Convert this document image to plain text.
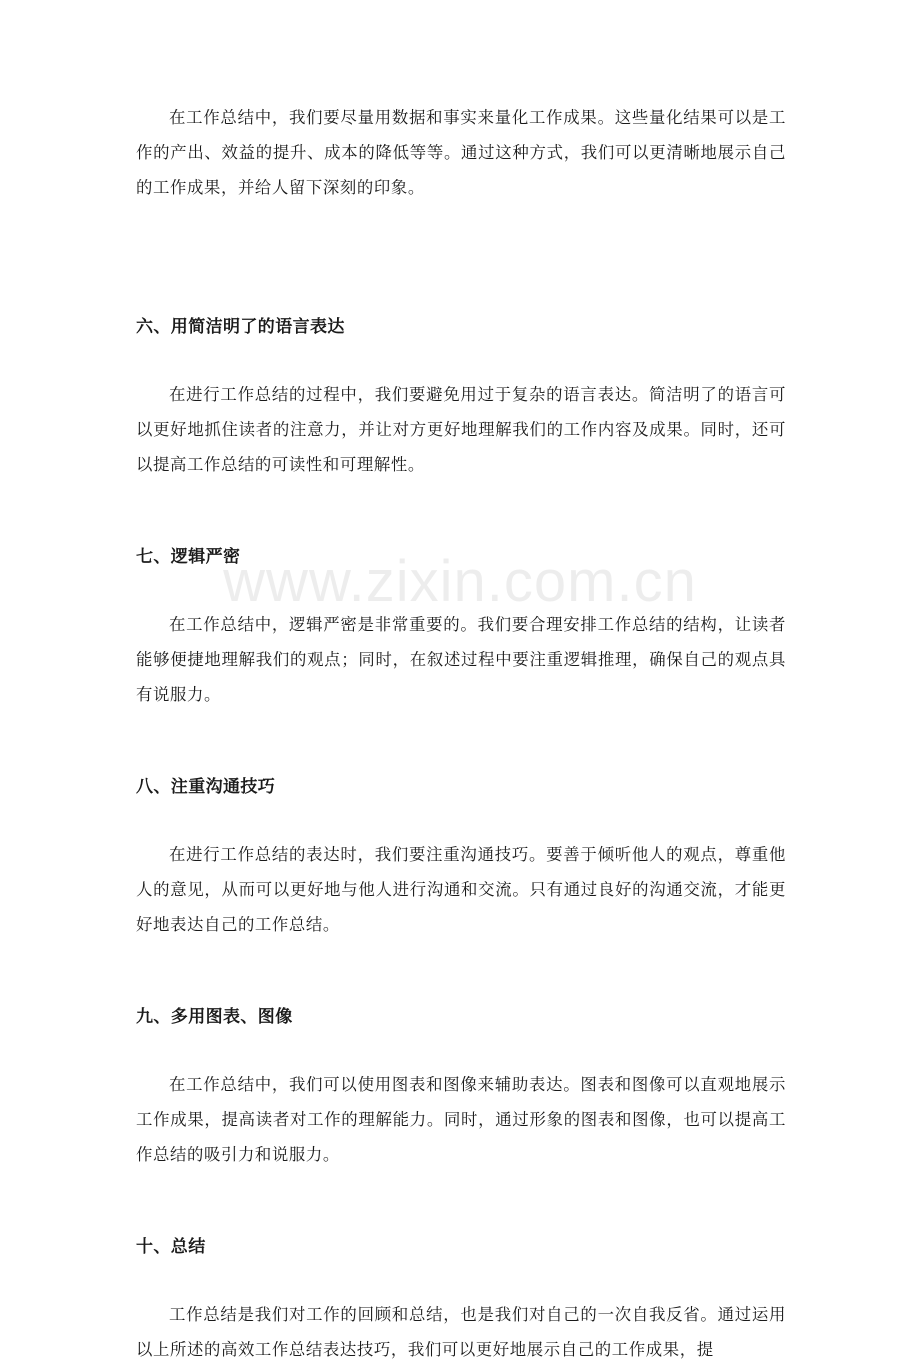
在工作总结中，我们要尽量用数据和事实来量化工作成果。这些量化结果可以是工作的产出、效益的提升、成本的降低等等。通过这种方式，我们可以更清晰地展示自己的工作成果，并给人留下深刻的印象。

六、用简洁明了的语言表达

在进行工作总结的过程中，我们要避免用过于复杂的语言表达。简洁明了的语言可以更好地抓住读者的注意力，并让对方更好地理解我们的工作内容及成果。同时，还可以提高工作总结的可读性和可理解性。

七、逻辑严密

在工作总结中，逻辑严密是非常重要的。我们要合理安排工作总结的结构，让读者能够便捷地理解我们的观点；同时，在叙述过程中要注重逻辑推理，确保自己的观点具有说服力。

八、注重沟通技巧

在进行工作总结的表达时，我们要注重沟通技巧。要善于倾听他人的观点，尊重他人的意见，从而可以更好地与他人进行沟通和交流。只有通过良好的沟通交流，才能更好地表达自己的工作总结。

九、多用图表、图像

在工作总结中，我们可以使用图表和图像来辅助表达。图表和图像可以直观地展示工作成果，提高读者对工作的理解能力。同时，通过形象的图表和图像，也可以提高工作总结的吸引力和说服力。

十、总结

工作总结是我们对工作的回顾和总结，也是我们对自己的一次自我反省。通过运用以上所述的高效工作总结表达技巧，我们可以更好地展示自己的工作成果，提

www.zixin.com.cn
